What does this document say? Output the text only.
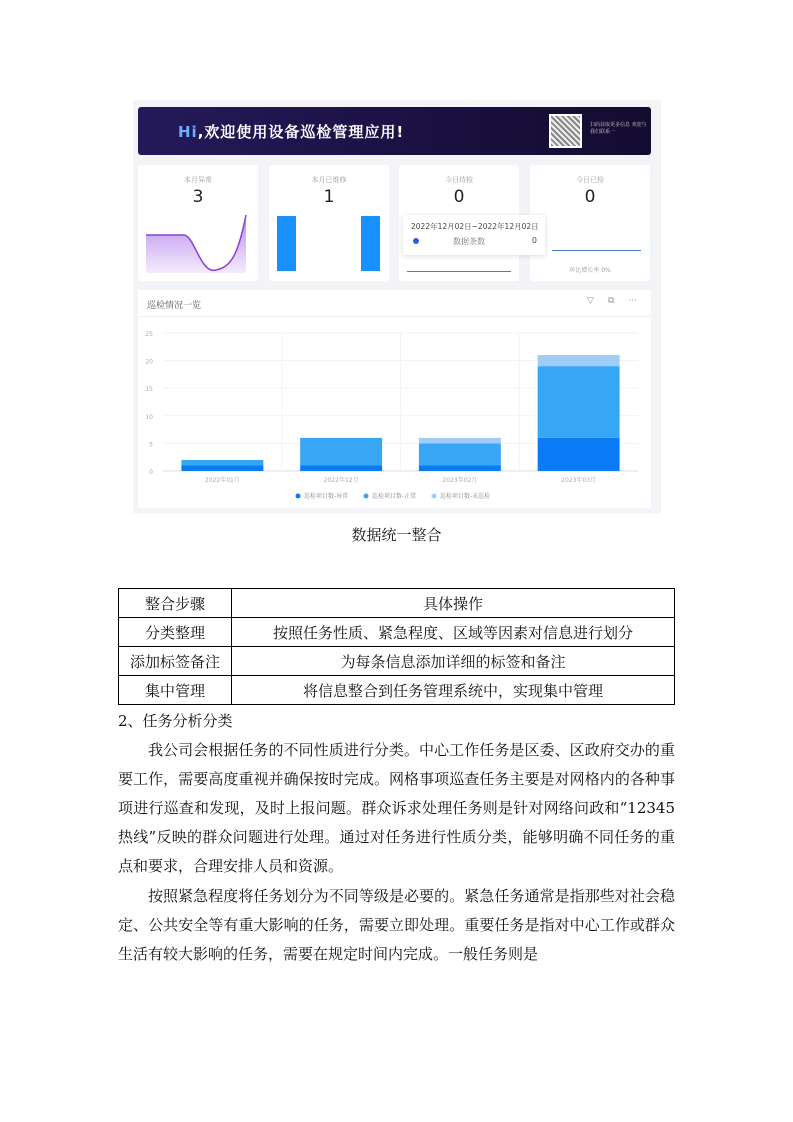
Hi,欢迎使用设备巡检管理应用!	扫码获取更多信息 欢迎与我们联系一
本月异常
3
本月已维修
1
今日待检
0
今日已检
0
环比增长率 0%
2022年12月02日~2022年12月02日
数据条数	0
巡检情况一览	▽ ⧉ ···
0
5
10
15
20
25
2022年01月	2022年12月	2023年02月	2023年03月
巡检项目数-异常	巡检项目数-正常	巡检项目数-未巡检
数据统一整合
整合步骤	具体操作
分类整理	按照任务性质、紧急程度、区域等因素对信息进行划分
添加标签备注	为每条信息添加详细的标签和备注
集中管理	将信息整合到任务管理系统中，实现集中管理
2、任务分析分类

我公司会根据任务的不同性质进行分类。中心工作任务是区委、区政府交办的重要工作，需要高度重视并确保按时完成。网格事项巡查任务主要是对网格内的各种事项进行巡查和发现，及时上报问题。群众诉求处理任务则是针对网络问政和“12345热线”反映的群众问题进行处理。通过对任务进行性质分类，能够明确不同任务的重点和要求，合理安排人员和资源。

按照紧急程度将任务划分为不同等级是必要的。紧急任务通常是指那些对社会稳定、公共安全等有重大影响的任务，需要立即处理。重要任务是指对中心工作或群众生活有较大影响的任务，需要在规定时间内完成。一般任务则是
